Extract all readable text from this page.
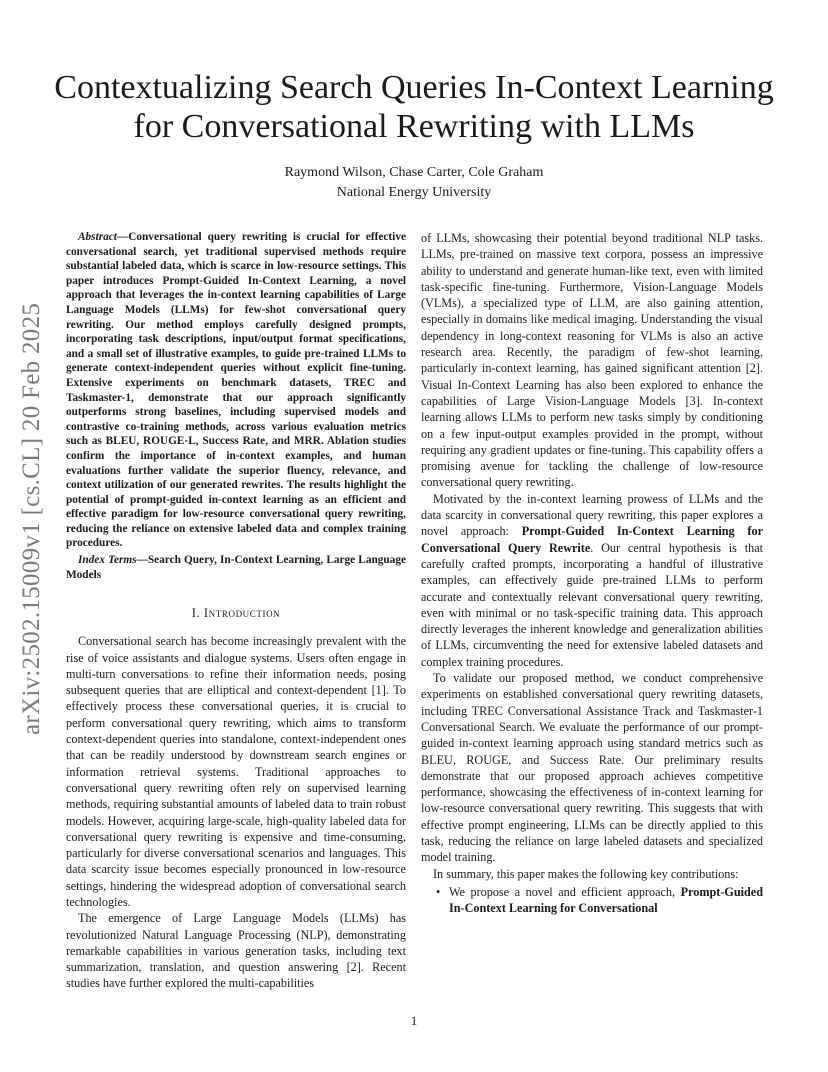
arXiv:2502.15009v1 [cs.CL] 20 Feb 2025
Contextualizing Search Queries In-Context Learning for Conversational Rewriting with LLMs
Raymond Wilson, Chase Carter, Cole Graham
National Energy University

Abstract—Conversational query rewriting is crucial for effective conversational search, yet traditional supervised methods require substantial labeled data, which is scarce in low-resource settings. This paper introduces Prompt-Guided In-Context Learning, a novel approach that leverages the in-context learning capabilities of Large Language Models (LLMs) for few-shot conversational query rewriting. Our method employs carefully designed prompts, incorporating task descriptions, input/output format specifications, and a small set of illustrative examples, to guide pre-trained LLMs to generate context-independent queries without explicit fine-tuning. Extensive experiments on benchmark datasets, TREC and Taskmaster-1, demonstrate that our approach significantly outperforms strong baselines, including supervised models and contrastive co-training methods, across various evaluation metrics such as BLEU, ROUGE-L, Success Rate, and MRR. Ablation studies confirm the importance of in-context examples, and human evaluations further validate the superior fluency, relevance, and context utilization of our generated rewrites. The results highlight the potential of prompt-guided in-context learning as an efficient and effective paradigm for low-resource conversational query rewriting, reducing the reliance on extensive labeled data and complex training procedures.

Index Terms—Search Query, In-Context Learning, Large Language Models

I. Introduction

Conversational search has become increasingly prevalent with the rise of voice assistants and dialogue systems. Users often engage in multi-turn conversations to refine their information needs, posing subsequent queries that are elliptical and context-dependent [1]. To effectively process these conversational queries, it is crucial to perform conversational query rewriting, which aims to transform context-dependent queries into standalone, context-independent ones that can be readily understood by downstream search engines or information retrieval systems. Traditional approaches to conversational query rewriting often rely on supervised learning methods, requiring substantial amounts of labeled data to train robust models. However, acquiring large-scale, high-quality labeled data for conversational query rewriting is expensive and time-consuming, particularly for diverse conversational scenarios and languages. This data scarcity issue becomes especially pronounced in low-resource settings, hindering the widespread adoption of conversational search technologies.

The emergence of Large Language Models (LLMs) has revolutionized Natural Language Processing (NLP), demonstrating remarkable capabilities in various generation tasks, including text summarization, translation, and question answering [2]. Recent studies have further explored the multi-capabilities

of LLMs, showcasing their potential beyond traditional NLP tasks. LLMs, pre-trained on massive text corpora, possess an impressive ability to understand and generate human-like text, even with limited task-specific fine-tuning. Furthermore, Vision-Language Models (VLMs), a specialized type of LLM, are also gaining attention, especially in domains like medical imaging. Understanding the visual dependency in long-context reasoning for VLMs is also an active research area. Recently, the paradigm of few-shot learning, particularly in-context learning, has gained significant attention [2]. Visual In-Context Learning has also been explored to enhance the capabilities of Large Vision-Language Models [3]. In-context learning allows LLMs to perform new tasks simply by conditioning on a few input-output examples provided in the prompt, without requiring any gradient updates or fine-tuning. This capability offers a promising avenue for tackling the challenge of low-resource conversational query rewriting.

Motivated by the in-context learning prowess of LLMs and the data scarcity in conversational query rewriting, this paper explores a novel approach: Prompt-Guided In-Context Learning for Conversational Query Rewrite. Our central hypothesis is that carefully crafted prompts, incorporating a handful of illustrative examples, can effectively guide pre-trained LLMs to perform accurate and contextually relevant conversational query rewriting, even with minimal or no task-specific training data. This approach directly leverages the inherent knowledge and generalization abilities of LLMs, circumventing the need for extensive labeled datasets and complex training procedures.

To validate our proposed method, we conduct comprehensive experiments on established conversational query rewriting datasets, including TREC Conversational Assistance Track and Taskmaster-1 Conversational Search. We evaluate the performance of our prompt-guided in-context learning approach using standard metrics such as BLEU, ROUGE, and Success Rate. Our preliminary results demonstrate that our proposed approach achieves competitive performance, showcasing the effectiveness of in-context learning for low-resource conversational query rewriting. This suggests that with effective prompt engineering, LLMs can be directly applied to this task, reducing the reliance on large labeled datasets and specialized model training.

In summary, this paper makes the following key contributions:

• We propose a novel and efficient approach, Prompt-Guided In-Context Learning for Conversational
1
